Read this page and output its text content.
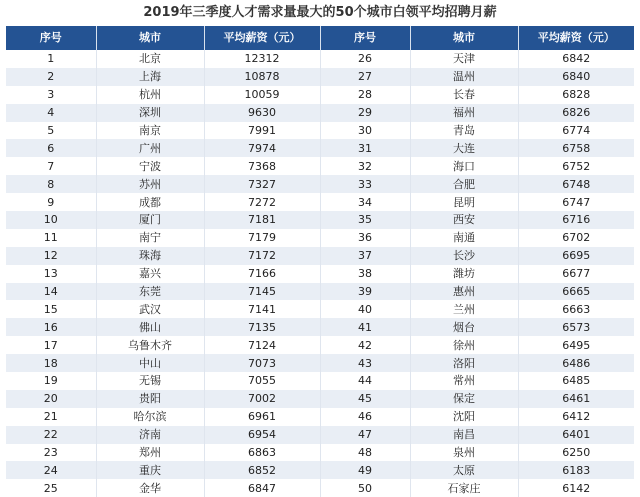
2019年三季度人才需求量最大的50个城市白领平均招聘月薪
序号	城市	平均薪资（元）	序号	城市	平均薪资（元）
1	北京	12312	26	天津	6842
2	上海	10878	27	温州	6840
3	杭州	10059	28	长春	6828
4	深圳	9630	29	福州	6826
5	南京	7991	30	青岛	6774
6	广州	7974	31	大连	6758
7	宁波	7368	32	海口	6752
8	苏州	7327	33	合肥	6748
9	成都	7272	34	昆明	6747
10	厦门	7181	35	西安	6716
11	南宁	7179	36	南通	6702
12	珠海	7172	37	长沙	6695
13	嘉兴	7166	38	潍坊	6677
14	东莞	7145	39	惠州	6665
15	武汉	7141	40	兰州	6663
16	佛山	7135	41	烟台	6573
17	乌鲁木齐	7124	42	徐州	6495
18	中山	7073	43	洛阳	6486
19	无锡	7055	44	常州	6485
20	贵阳	7002	45	保定	6461
21	哈尔滨	6961	46	沈阳	6412
22	济南	6954	47	南昌	6401
23	郑州	6863	48	泉州	6250
24	重庆	6852	49	太原	6183
25	金华	6847	50	石家庄	6142
